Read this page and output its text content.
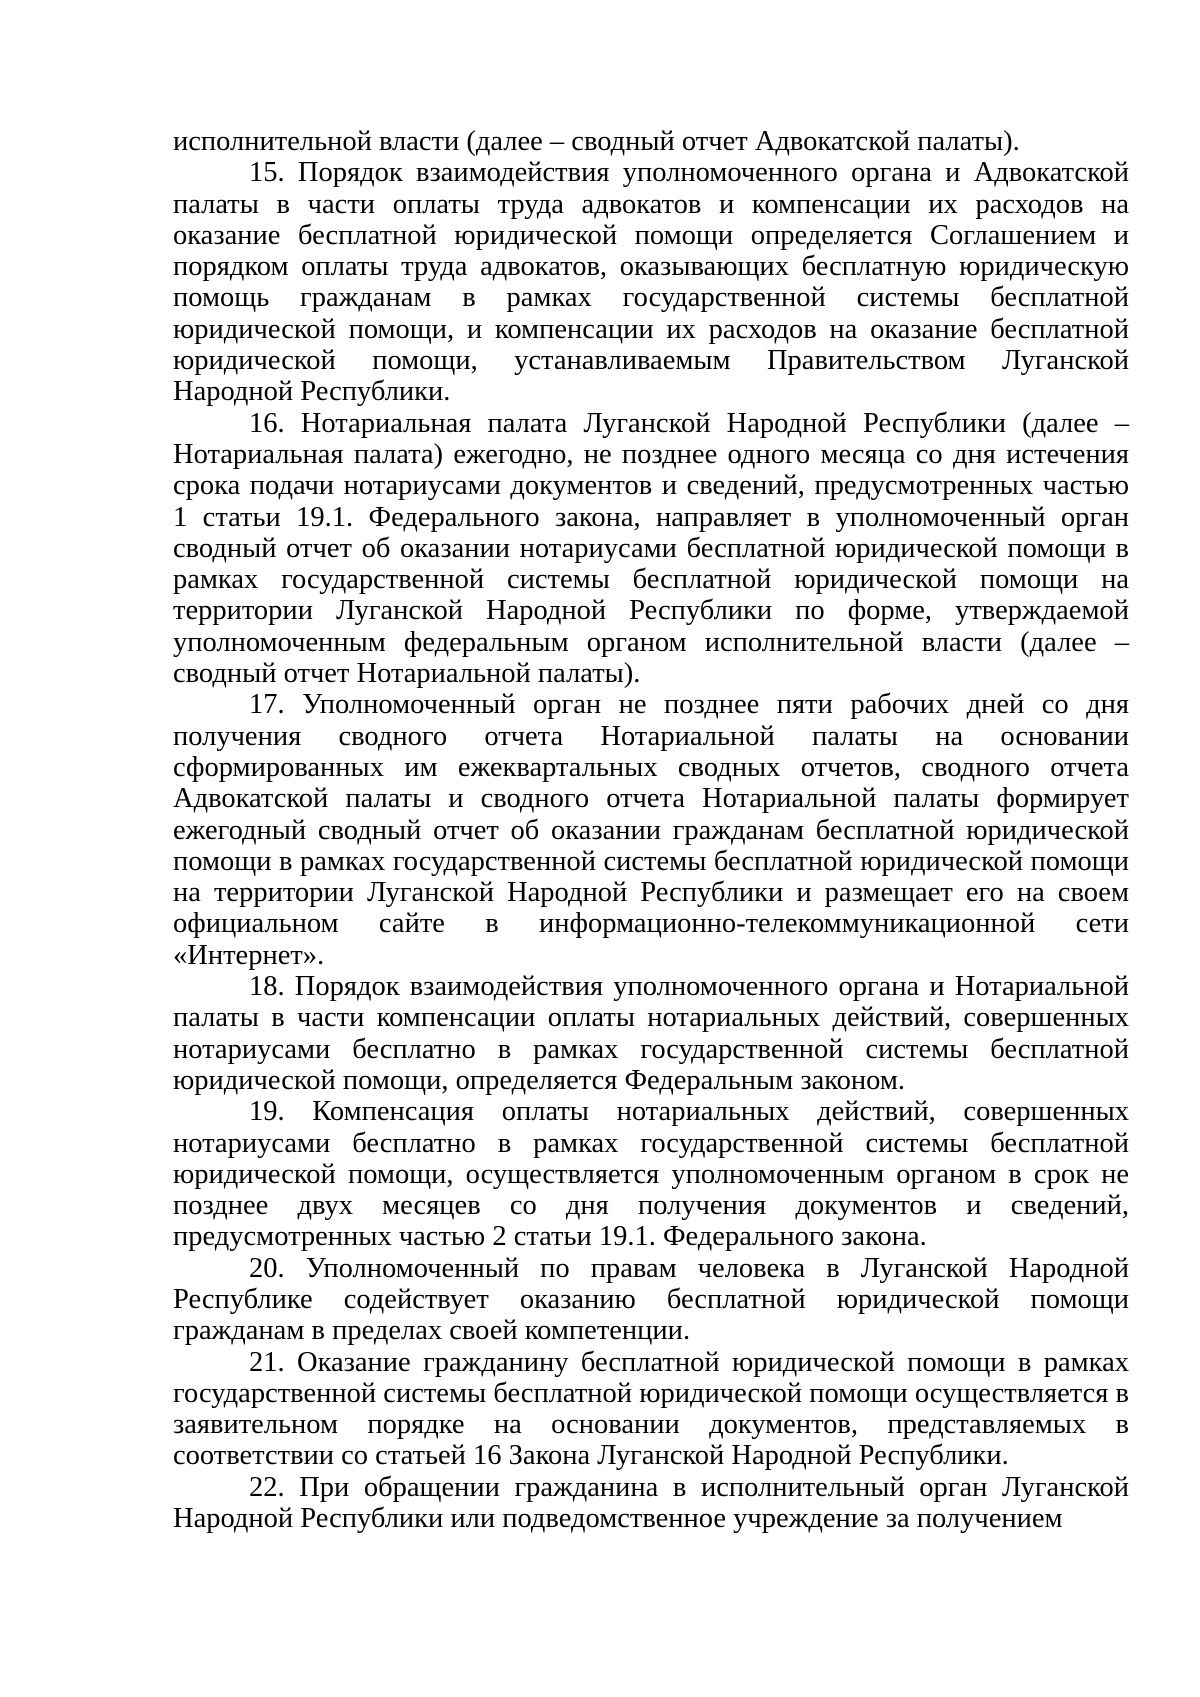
исполнительной власти (далее – сводный отчет Адвокатской палаты).

15. Порядок взаимодействия уполномоченного органа и Адвокатской палаты в части оплаты труда адвокатов и компенсации их расходов на оказание бесплатной юридической помощи определяется Соглашением и порядком оплаты труда адвокатов, оказывающих бесплатную юридическую помощь гражданам в рамках государственной системы бесплатной юридической помощи, и компенсации их расходов на оказание бесплатной юридической помощи, устанавливаемым Правительством Луганской Народной Республики.

16. Нотариальная палата Луганской Народной Республики (далее – Нотариальная палата) ежегодно, не позднее одного месяца со дня истечения срока подачи нотариусами документов и сведений, предусмотренных частью 1 статьи 19.1. Федерального закона, направляет в уполномоченный орган сводный отчет об оказании нотариусами бесплатной юридической помощи в рамках государственной системы бесплатной юридической помощи на территории Луганской Народной Республики по форме, утверждаемой уполномоченным федеральным органом исполнительной власти (далее – сводный отчет Нотариальной палаты).

17. Уполномоченный орган не позднее пяти рабочих дней со дня получения сводного отчета Нотариальной палаты на основании сформированных им ежеквартальных сводных отчетов, сводного отчета Адвокатской палаты и сводного отчета Нотариальной палаты формирует ежегодный сводный отчет об оказании гражданам бесплатной юридической помощи в рамках государственной системы бесплатной юридической помощи на территории Луганской Народной Республики и размещает его на своем официальном сайте в информационно-телекоммуникационной сети «Интернет».

18. Порядок взаимодействия уполномоченного органа и Нотариальной палаты в части компенсации оплаты нотариальных действий, совершенных нотариусами бесплатно в рамках государственной системы бесплатной юридической помощи, определяется Федеральным законом.

19. Компенсация оплаты нотариальных действий, совершенных нотариусами бесплатно в рамках государственной системы бесплатной юридической помощи, осуществляется уполномоченным органом в срок не позднее двух месяцев со дня получения документов и сведений, предусмотренных частью 2 статьи 19.1. Федерального закона.

20. Уполномоченный по правам человека в Луганской Народной Республике содействует оказанию бесплатной юридической помощи гражданам в пределах своей компетенции.

21. Оказание гражданину бесплатной юридической помощи в рамках государственной системы бесплатной юридической помощи осуществляется в заявительном порядке на основании документов, представляемых в соответствии со статьей 16 Закона Луганской Народной Республики.

22. При обращении гражданина в исполнительный орган Луганской Народной Республики или подведомственное учреждение за получением
